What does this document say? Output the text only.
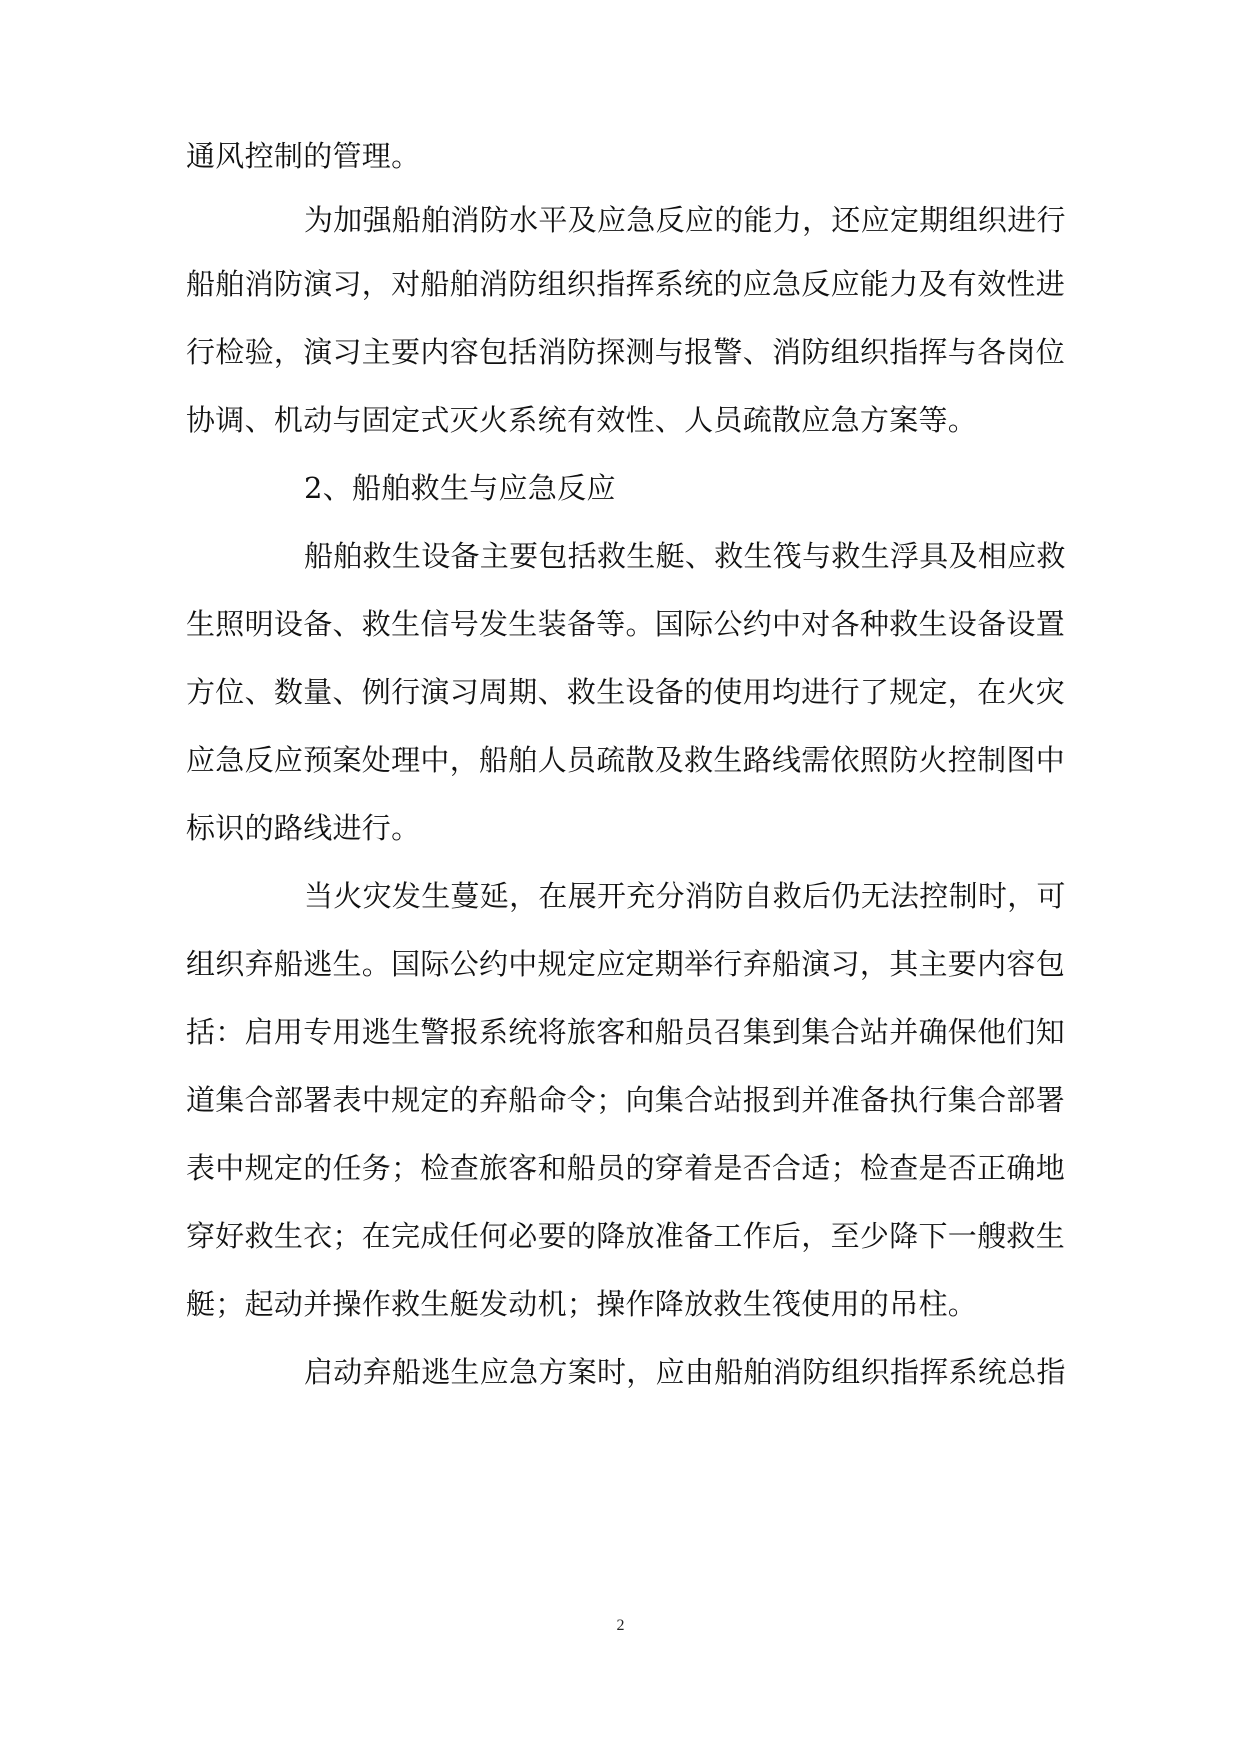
通风控制的管理。
为加强船舶消防水平及应急反应的能力，还应定期组织进行
船舶消防演习，对船舶消防组织指挥系统的应急反应能力及有效性进
行检验，演习主要内容包括消防探测与报警、消防组织指挥与各岗位
协调、机动与固定式灭火系统有效性、人员疏散应急方案等。
2、船舶救生与应急反应
船舶救生设备主要包括救生艇、救生筏与救生浮具及相应救
生照明设备、救生信号发生装备等。国际公约中对各种救生设备设置
方位、数量、例行演习周期、救生设备的使用均进行了规定，在火灾
应急反应预案处理中，船舶人员疏散及救生路线需依照防火控制图中
标识的路线进行。
当火灾发生蔓延，在展开充分消防自救后仍无法控制时，可
组织弃船逃生。国际公约中规定应定期举行弃船演习，其主要内容包
括：启用专用逃生警报系统将旅客和船员召集到集合站并确保他们知
道集合部署表中规定的弃船命令；向集合站报到并准备执行集合部署
表中规定的任务；检查旅客和船员的穿着是否合适；检查是否正确地
穿好救生衣；在完成任何必要的降放准备工作后，至少降下一艘救生
艇；起动并操作救生艇发动机；操作降放救生筏使用的吊柱。
启动弃船逃生应急方案时，应由船舶消防组织指挥系统总指
2
